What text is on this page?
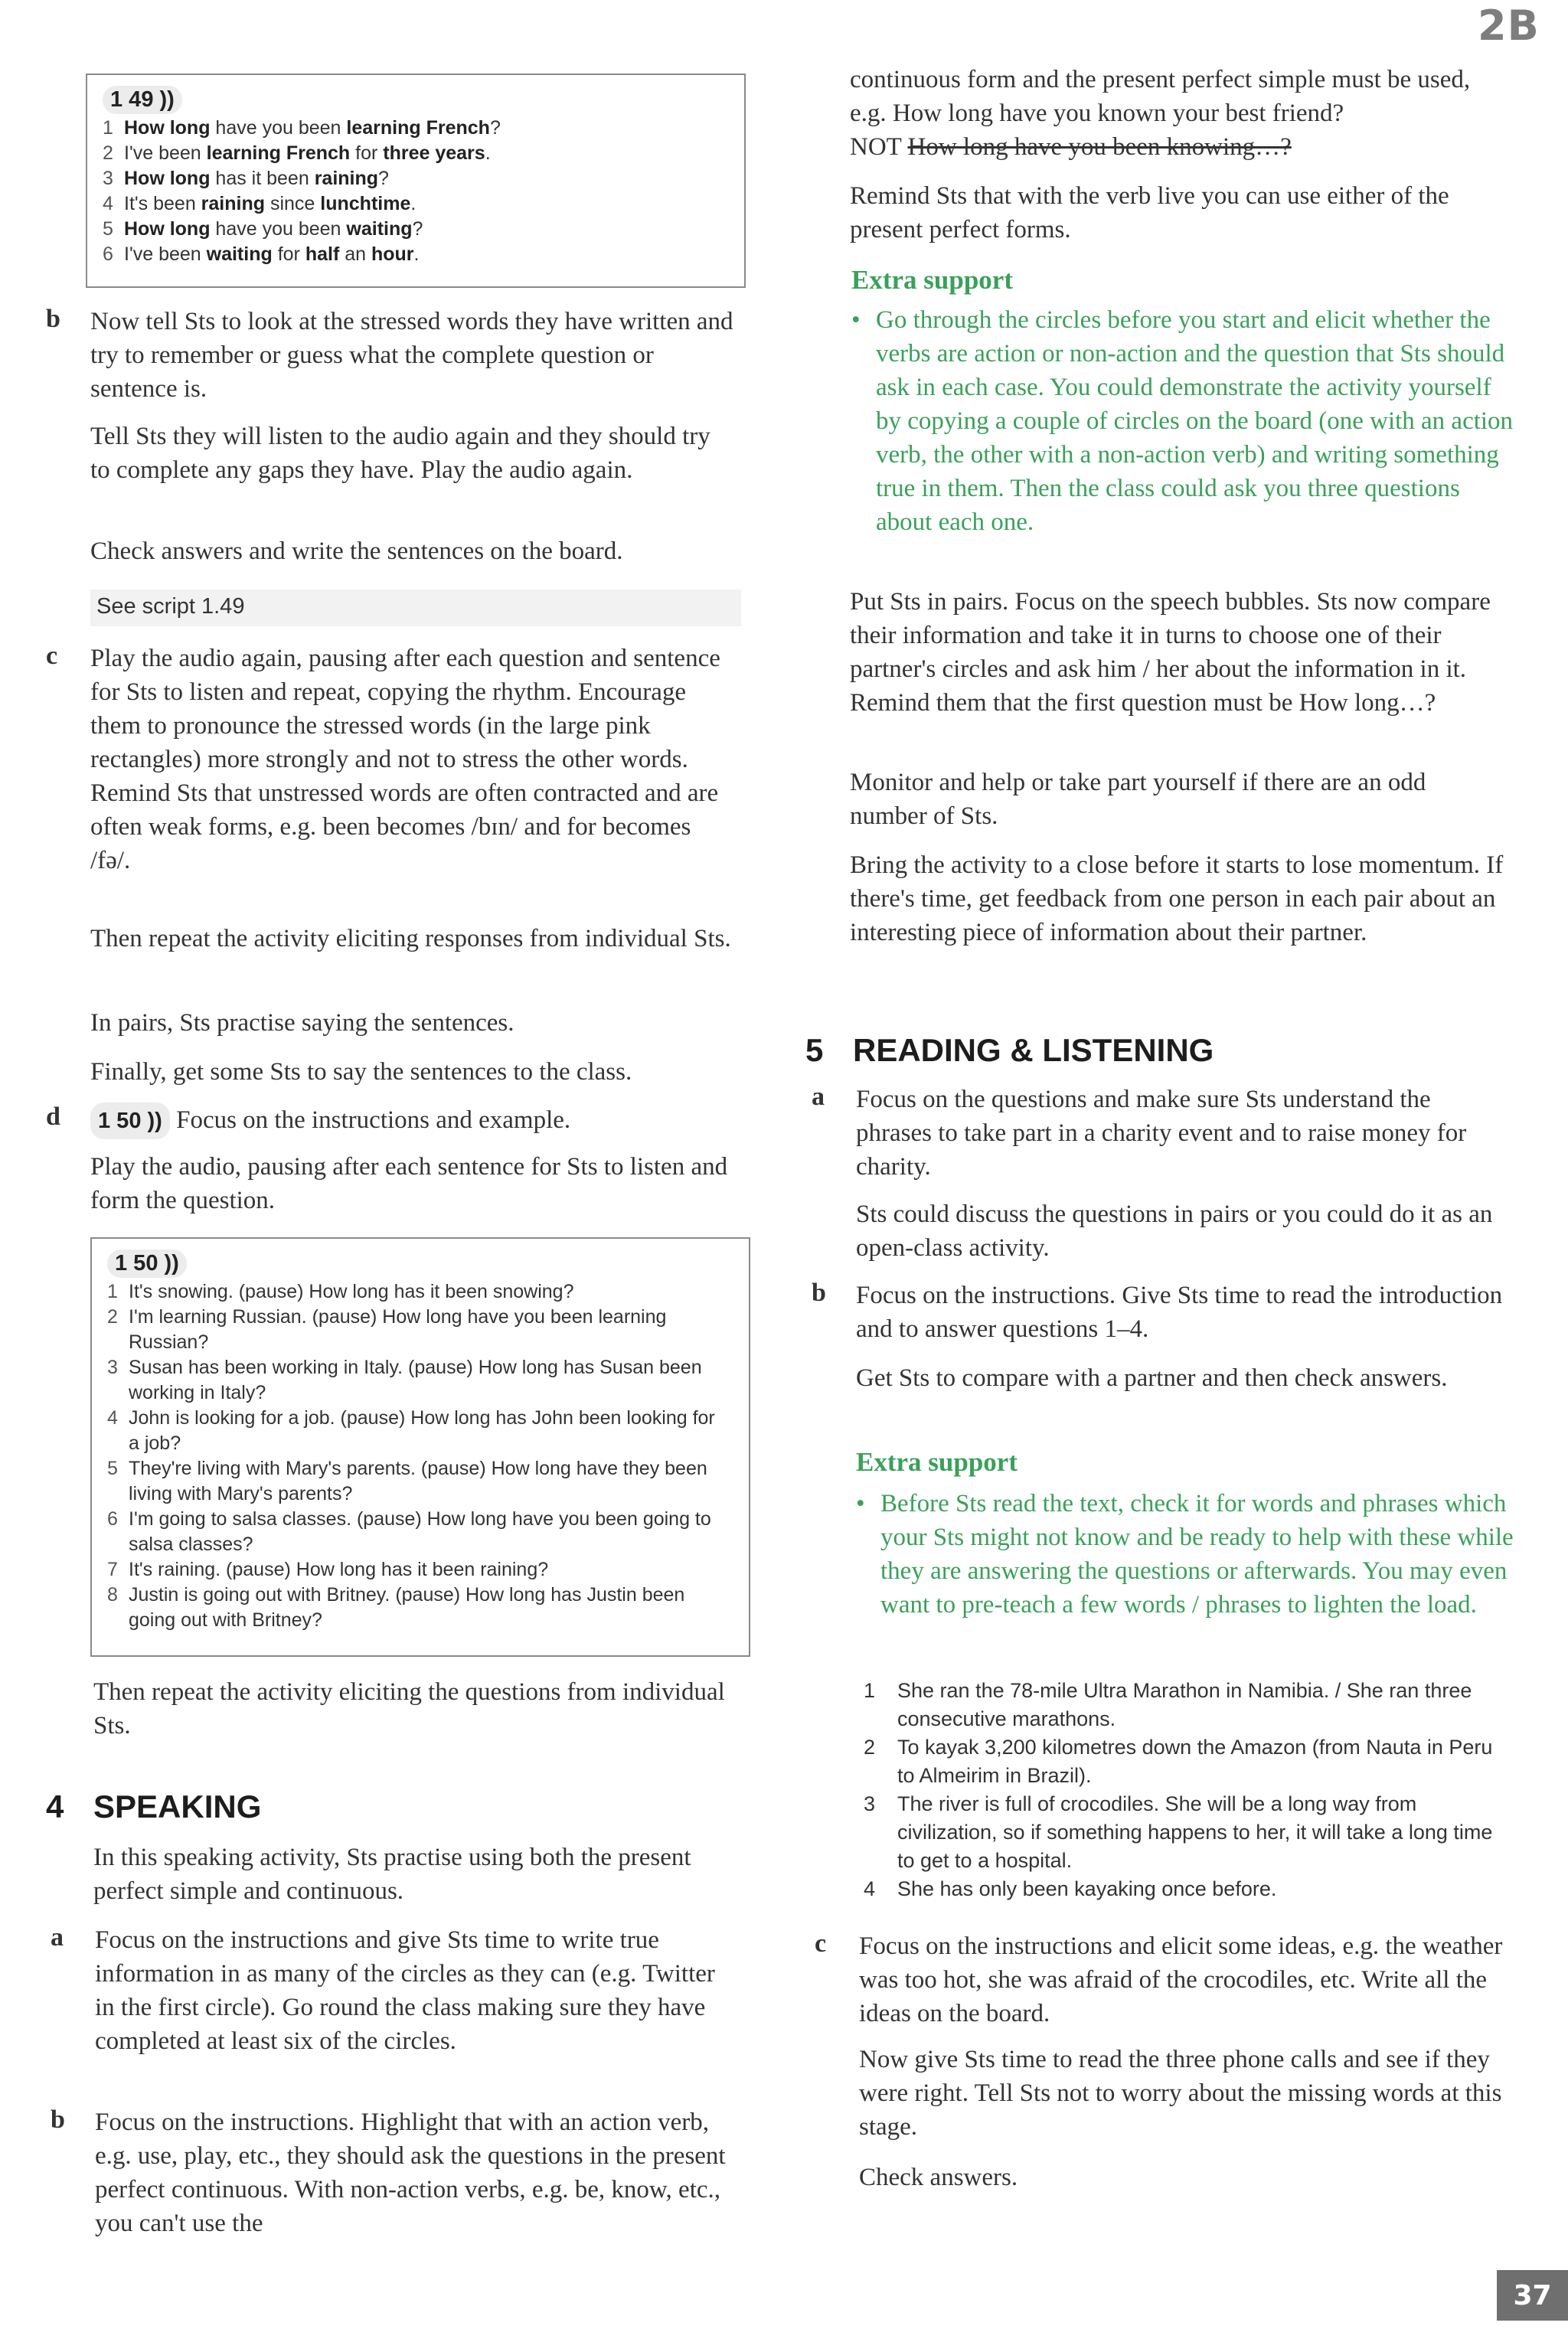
2B
1 49 ))
1 How long have you been learning French?
2 I've been learning French for three years.
3 How long has it been raining?
4 It's been raining since lunchtime.
5 How long have you been waiting?
6 I've been waiting for half an hour.
b	Now tell Sts to look at the stressed words they have written and try to remember or guess what the complete question or sentence is.
Tell Sts they will listen to the audio again and they should try to complete any gaps they have. Play the audio again.
Check answers and write the sentences on the board.
See script 1.49
c	Play the audio again, pausing after each question and sentence for Sts to listen and repeat, copying the rhythm. Encourage them to pronounce the stressed words (in the large pink rectangles) more strongly and not to stress the other words. Remind Sts that unstressed words are often contracted and are often weak forms, e.g. been becomes /bɪn/ and for becomes /fə/.
Then repeat the activity eliciting responses from individual Sts.
In pairs, Sts practise saying the sentences.
Finally, get some Sts to say the sentences to the class.
d	1 50 )) Focus on the instructions and example.
Play the audio, pausing after each sentence for Sts to listen and form the question.
1 50 ))
1 It's snowing. (pause) How long has it been snowing?
2 I'm learning Russian. (pause) How long have you been learning Russian?
3 Susan has been working in Italy. (pause) How long has Susan been working in Italy?
4 John is looking for a job. (pause) How long has John been looking for a job?
5 They're living with Mary's parents. (pause) How long have they been living with Mary's parents?
6 I'm going to salsa classes. (pause) How long have you been going to salsa classes?
7 It's raining. (pause) How long has it been raining?
8 Justin is going out with Britney. (pause) How long has Justin been going out with Britney?
Then repeat the activity eliciting the questions from individual Sts.
4 SPEAKING
In this speaking activity, Sts practise using both the present perfect simple and continuous.
a	Focus on the instructions and give Sts time to write true information in as many of the circles as they can (e.g. Twitter in the first circle). Go round the class making sure they have completed at least six of the circles.
b	Focus on the instructions. Highlight that with an action verb, e.g. use, play, etc., they should ask the questions in the present perfect continuous. With non-action verbs, e.g. be, know, etc., you can't use the
continuous form and the present perfect simple must be used, e.g. How long have you known your best friend?
NOT How long have you been knowing…?
Remind Sts that with the verb live you can use either of the present perfect forms.
Extra support
• Go through the circles before you start and elicit whether the verbs are action or non-action and the question that Sts should ask in each case. You could demonstrate the activity yourself by copying a couple of circles on the board (one with an action verb, the other with a non-action verb) and writing something true in them. Then the class could ask you three questions about each one.
Put Sts in pairs. Focus on the speech bubbles. Sts now compare their information and take it in turns to choose one of their partner's circles and ask him / her about the information in it. Remind them that the first question must be How long…?
Monitor and help or take part yourself if there are an odd number of Sts.
Bring the activity to a close before it starts to lose momentum. If there's time, get feedback from one person in each pair about an interesting piece of information about their partner.
5 READING & LISTENING
a	Focus on the questions and make sure Sts understand the phrases to take part in a charity event and to raise money for charity.
Sts could discuss the questions in pairs or you could do it as an open-class activity.
b	Focus on the instructions. Give Sts time to read the introduction and to answer questions 1–4.
Get Sts to compare with a partner and then check answers.
Extra support
• Before Sts read the text, check it for words and phrases which your Sts might not know and be ready to help with these while they are answering the questions or afterwards. You may even want to pre-teach a few words / phrases to lighten the load.
1	She ran the 78-mile Ultra Marathon in Namibia. / She ran three consecutive marathons.
2	To kayak 3,200 kilometres down the Amazon (from Nauta in Peru to Almeirim in Brazil).
3	The river is full of crocodiles. She will be a long way from civilization, so if something happens to her, it will take a long time to get to a hospital.
4	She has only been kayaking once before.
c	Focus on the instructions and elicit some ideas, e.g. the weather was too hot, she was afraid of the crocodiles, etc. Write all the ideas on the board.
Now give Sts time to read the three phone calls and see if they were right. Tell Sts not to worry about the missing words at this stage.
Check answers.
37
